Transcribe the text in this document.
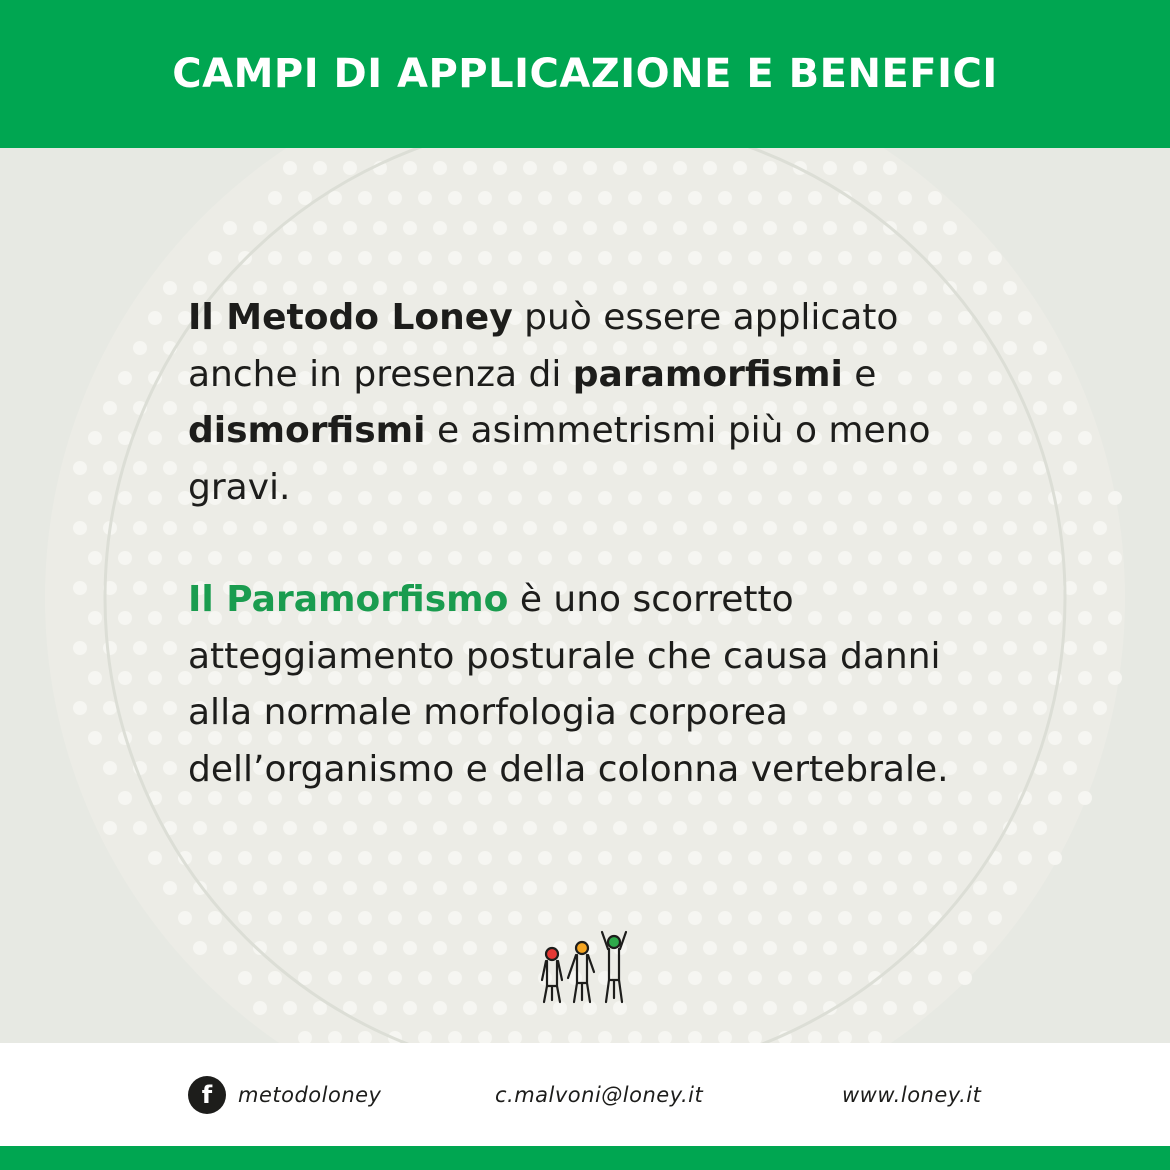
CAMPI DI APPLICAZIONE E BENEFICI

Il Metodo Loney può essere applicato anche in presenza di paramorfismi e dismorfismi e asimmetrismi più o meno gravi.

Il Paramorfismo è uno scorretto atteggiamento posturale che causa danni alla normale morfologia corporea dell’organismo e della colonna vertebrale.

f	metodoloney	c.malvoni@loney.it	www.loney.it
